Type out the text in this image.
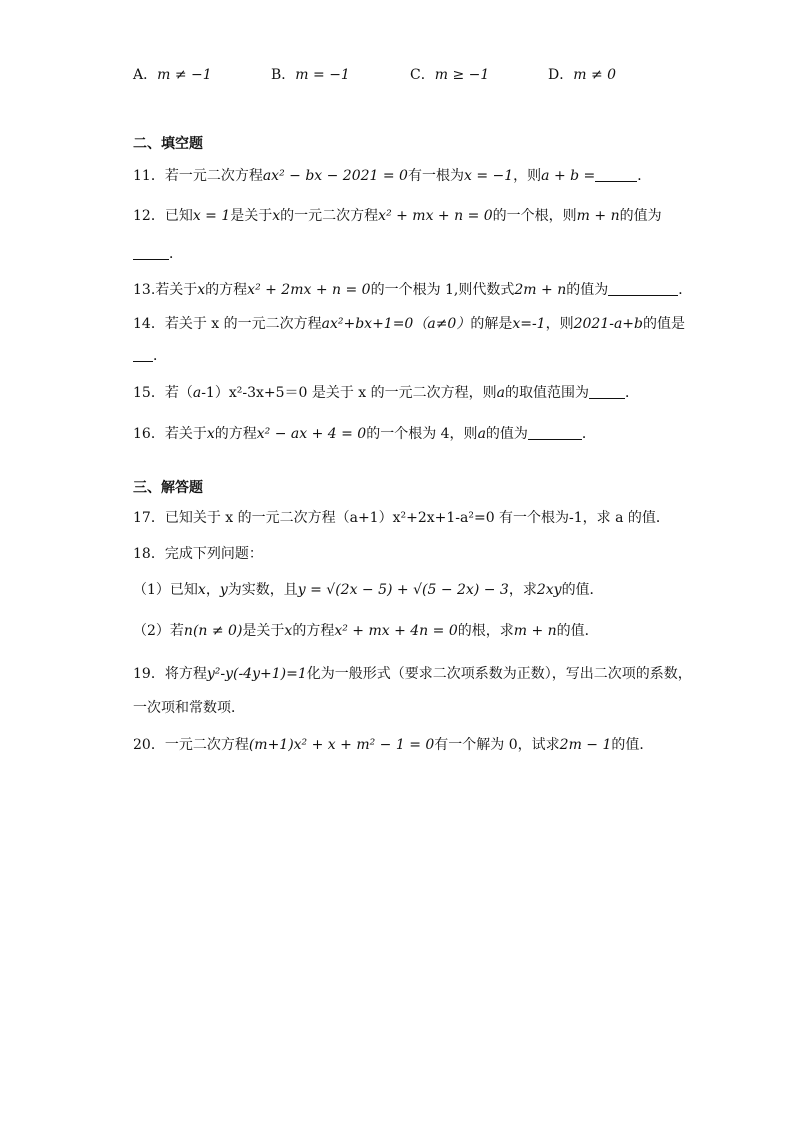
A．m ≠ −1	B．m = −1	C．m ≥ −1	D．m ≠ 0
二、填空题
11．若一元二次方程ax² − bx − 2021 = 0有一根为x = −1，则a + b =	．
12．已知x = 1是关于x的一元二次方程x² + mx + n = 0的一个根，则m + n的值为
．
13.若关于x的方程x² + 2mx + n = 0的一个根为 1,则代数式2m + n的值为	．
14．若关于 x 的一元二次方程ax²+bx+1=0（a≠0）的解是x=-1，则2021-a+b的值是
．
15．若（a-1）x²-3x+5＝0 是关于 x 的一元二次方程，则a的取值范围为	．
16．若关于x的方程x² − ax + 4 = 0的一个根为 4，则a的值为	．
三、解答题
17．已知关于 x 的一元二次方程（a+1）x²+2x+1-a²=0 有一个根为-1，求 a 的值．
18．完成下列问题：
（1）已知x，y为实数，且y = √(2x − 5) + √(5 − 2x) − 3，求2xy的值．
（2）若n(n ≠ 0)是关于x的方程x² + mx + 4n = 0的根，求m + n的值．
19．将方程y²-y(-4y+1)=1化为一般形式（要求二次项系数为正数），写出二次项的系数，
一次项和常数项．
20．一元二次方程(m+1)x² + x + m² − 1 = 0有一个解为 0，试求2m − 1的值．
